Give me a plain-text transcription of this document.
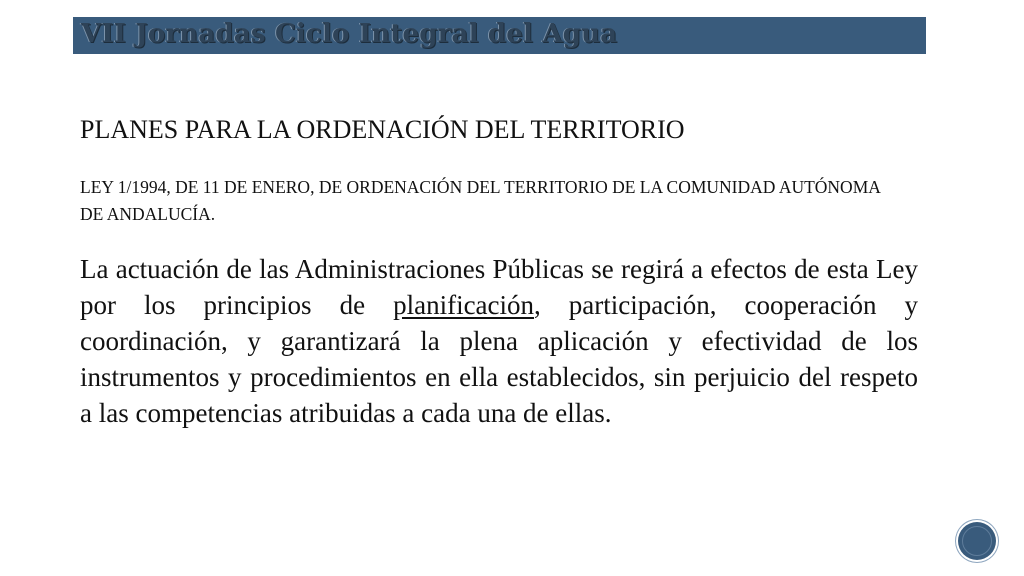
VII Jornadas Ciclo Integral del Agua
PLANES PARA LA ORDENACIÓN DEL TERRITORIO

LEY 1/1994, DE 11 DE ENERO, DE ORDENACIÓN DEL TERRITORIO DE LA COMUNIDAD AUTÓNOMA DE ANDALUCÍA.

La actuación de las Administraciones Públicas se regirá a efectos de esta Ley por los principios de planificación, participación, cooperación y coordinación, y garantizará la plena aplicación y efectividad de los instrumentos y procedimientos en ella establecidos, sin perjuicio del respeto a las competencias atribuidas a cada una de ellas.
